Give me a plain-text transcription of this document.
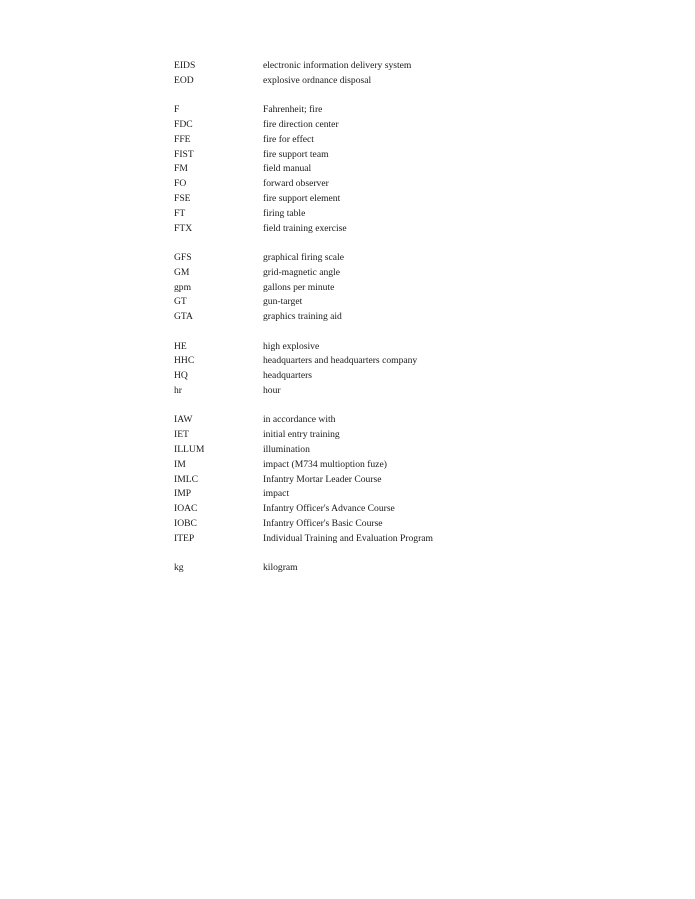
EIDS	electronic information delivery system
EOD	explosive ordnance disposal
F	Fahrenheit; fire
FDC	fire direction center
FFE	fire for effect
FIST	fire support team
FM	field manual
FO	forward observer
FSE	fire support element
FT	firing table
FTX	field training exercise
GFS	graphical firing scale
GM	grid-magnetic angle
gpm	gallons per minute
GT	gun-target
GTA	graphics training aid
HE	high explosive
HHC	headquarters and headquarters company
HQ	headquarters
hr	hour
IAW	in accordance with
IET	initial entry training
ILLUM	illumination
IM	impact (M734 multioption fuze)
IMLC	Infantry Mortar Leader Course
IMP	impact
IOAC	Infantry Officer's Advance Course
IOBC	Infantry Officer's Basic Course
ITEP	Individual Training and Evaluation Program
kg	kilogram
